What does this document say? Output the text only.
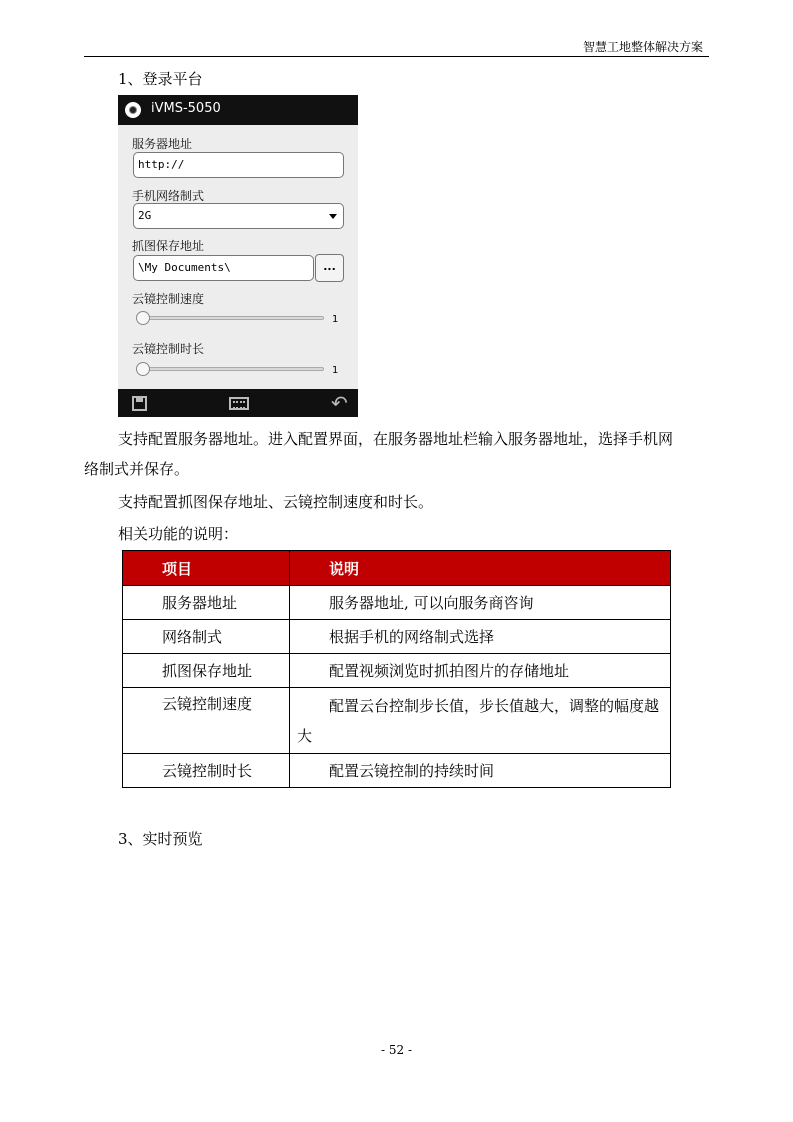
智慧工地整体解决方案
1、登录平台
iVMS-5050
服务器地址
http://
手机网络制式
2G
抓图保存地址
\My Documents\	...
云镜控制速度
1
云镜控制时长
1
↶
支持配置服务器地址。进入配置界面，在服务器地址栏输入服务器地址，选择手机网
络制式并保存。
支持配置抓图保存地址、云镜控制速度和时长。
相关功能的说明：
项目	说明
服务器地址	服务器地址, 可以向服务商咨询
网络制式	根据手机的网络制式选择
抓图保存地址	配置视频浏览时抓拍图片的存储地址
云镜控制速度	配置云台控制步长值，步长值越大，调整的幅度越大
云镜控制时长	配置云镜控制的持续时间
3、实时预览
- 52 -
